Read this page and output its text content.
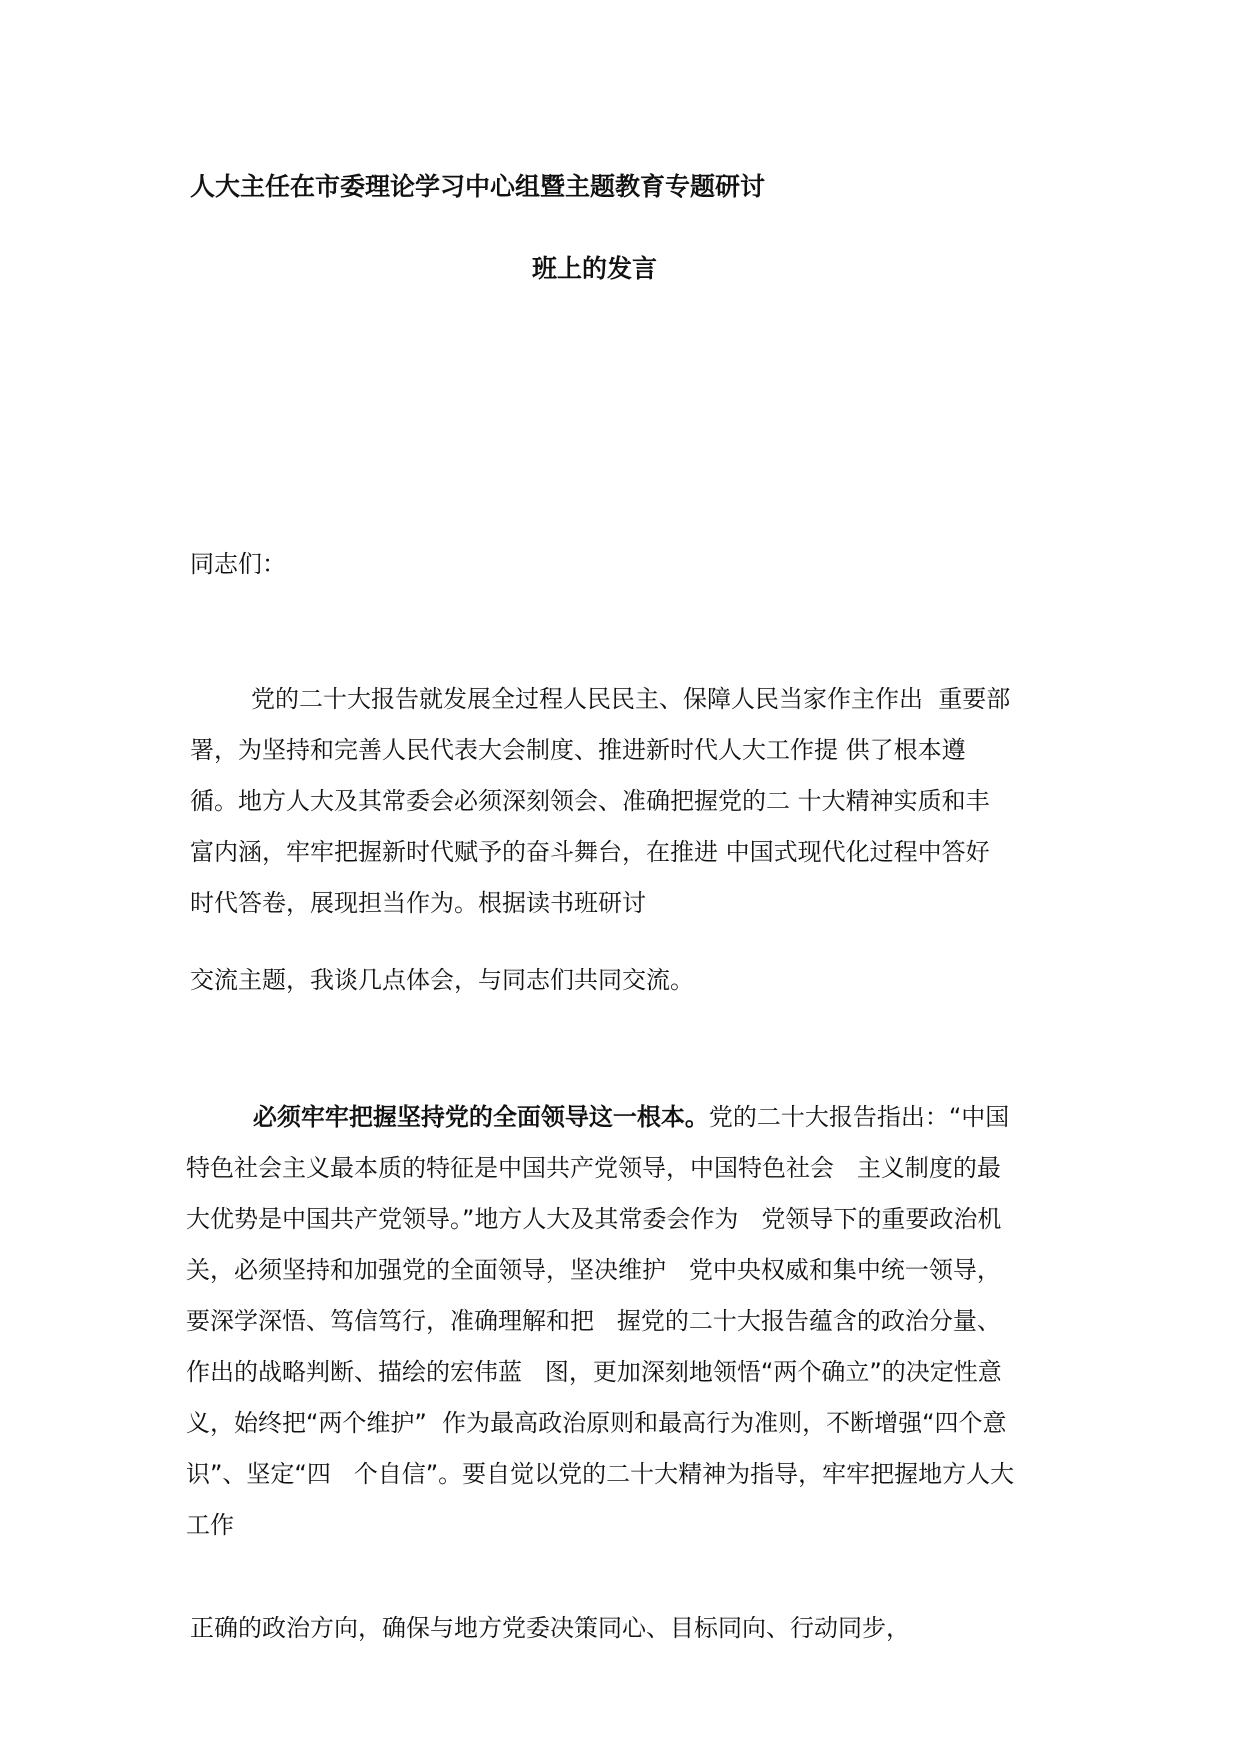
人大主任在市委理论学习中心组暨主题教育专题研讨
班上的发言
同志们：
党的二十大报告就发展全过程人民民主、保障人民当家作主作出  重要部
署，为坚持和完善人民代表大会制度、推进新时代人大工作提 供了根本遵
循。地方人大及其常委会必须深刻领会、准确把握党的二 十大精神实质和丰
富内涵，牢牢把握新时代赋予的奋斗舞台，在推进 中国式现代化过程中答好
时代答卷，展现担当作为。根据读书班研讨
交流主题，我谈几点体会，与同志们共同交流。
必须牢牢把握坚持党的全面领导这一根本。党的二十大报告指出：“中国
特色社会主义最本质的特征是中国共产党领导，中国特色社会   主义制度的最
大优势是中国共产党领导。”地方人大及其常委会作为   党领导下的重要政治机
关，必须坚持和加强党的全面领导，坚决维护   党中央权威和集中统一领导，
要深学深悟、笃信笃行，准确理解和把   握党的二十大报告蕴含的政治分量、
作出的战略判断、描绘的宏伟蓝   图，更加深刻地领悟“两个确立”的决定性意
义，始终把“两个维护”  作为最高政治原则和最高行为准则，不断增强“四个意
识”、坚定“四   个自信”。要自觉以党的二十大精神为指导，牢牢把握地方人大
工作
正确的政治方向，确保与地方党委决策同心、目标同向、行动同步，
